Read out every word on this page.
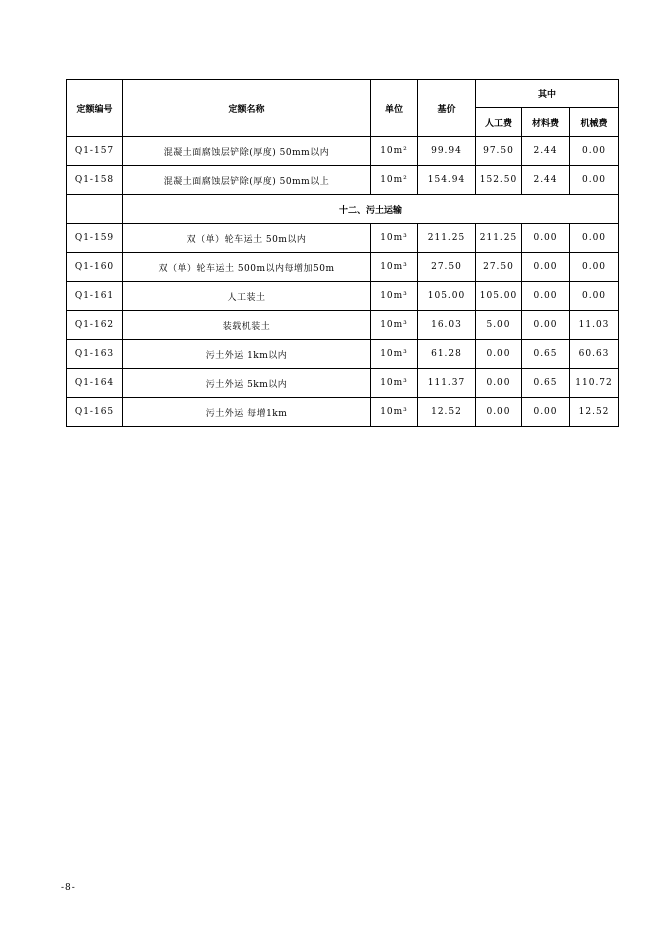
定额编号	定额名称	单位	基价	其中		
				人工费	材料费	机械费
Q1-157	混凝土面腐蚀层铲除(厚度) 50mm以内	10m²	99.94	97.50	2.44	0.00
Q1-158	混凝土面腐蚀层铲除(厚度) 50mm以上	10m²	154.94	152.50	2.44	0.00
	十二、污土运输					
Q1-159	双（单）轮车运土 50m以内	10m³	211.25	211.25	0.00	0.00
Q1-160	双（单）轮车运土 500m以内每增加50m	10m³	27.50	27.50	0.00	0.00
Q1-161	人工装土	10m³	105.00	105.00	0.00	0.00
Q1-162	装载机装土	10m³	16.03	5.00	0.00	11.03
Q1-163	污土外运 1km以内	10m³	61.28	0.00	0.65	60.63
Q1-164	污土外运 5km以内	10m³	111.37	0.00	0.65	110.72
Q1-165	污土外运 每增1km	10m³	12.52	0.00	0.00	12.52
-8-
